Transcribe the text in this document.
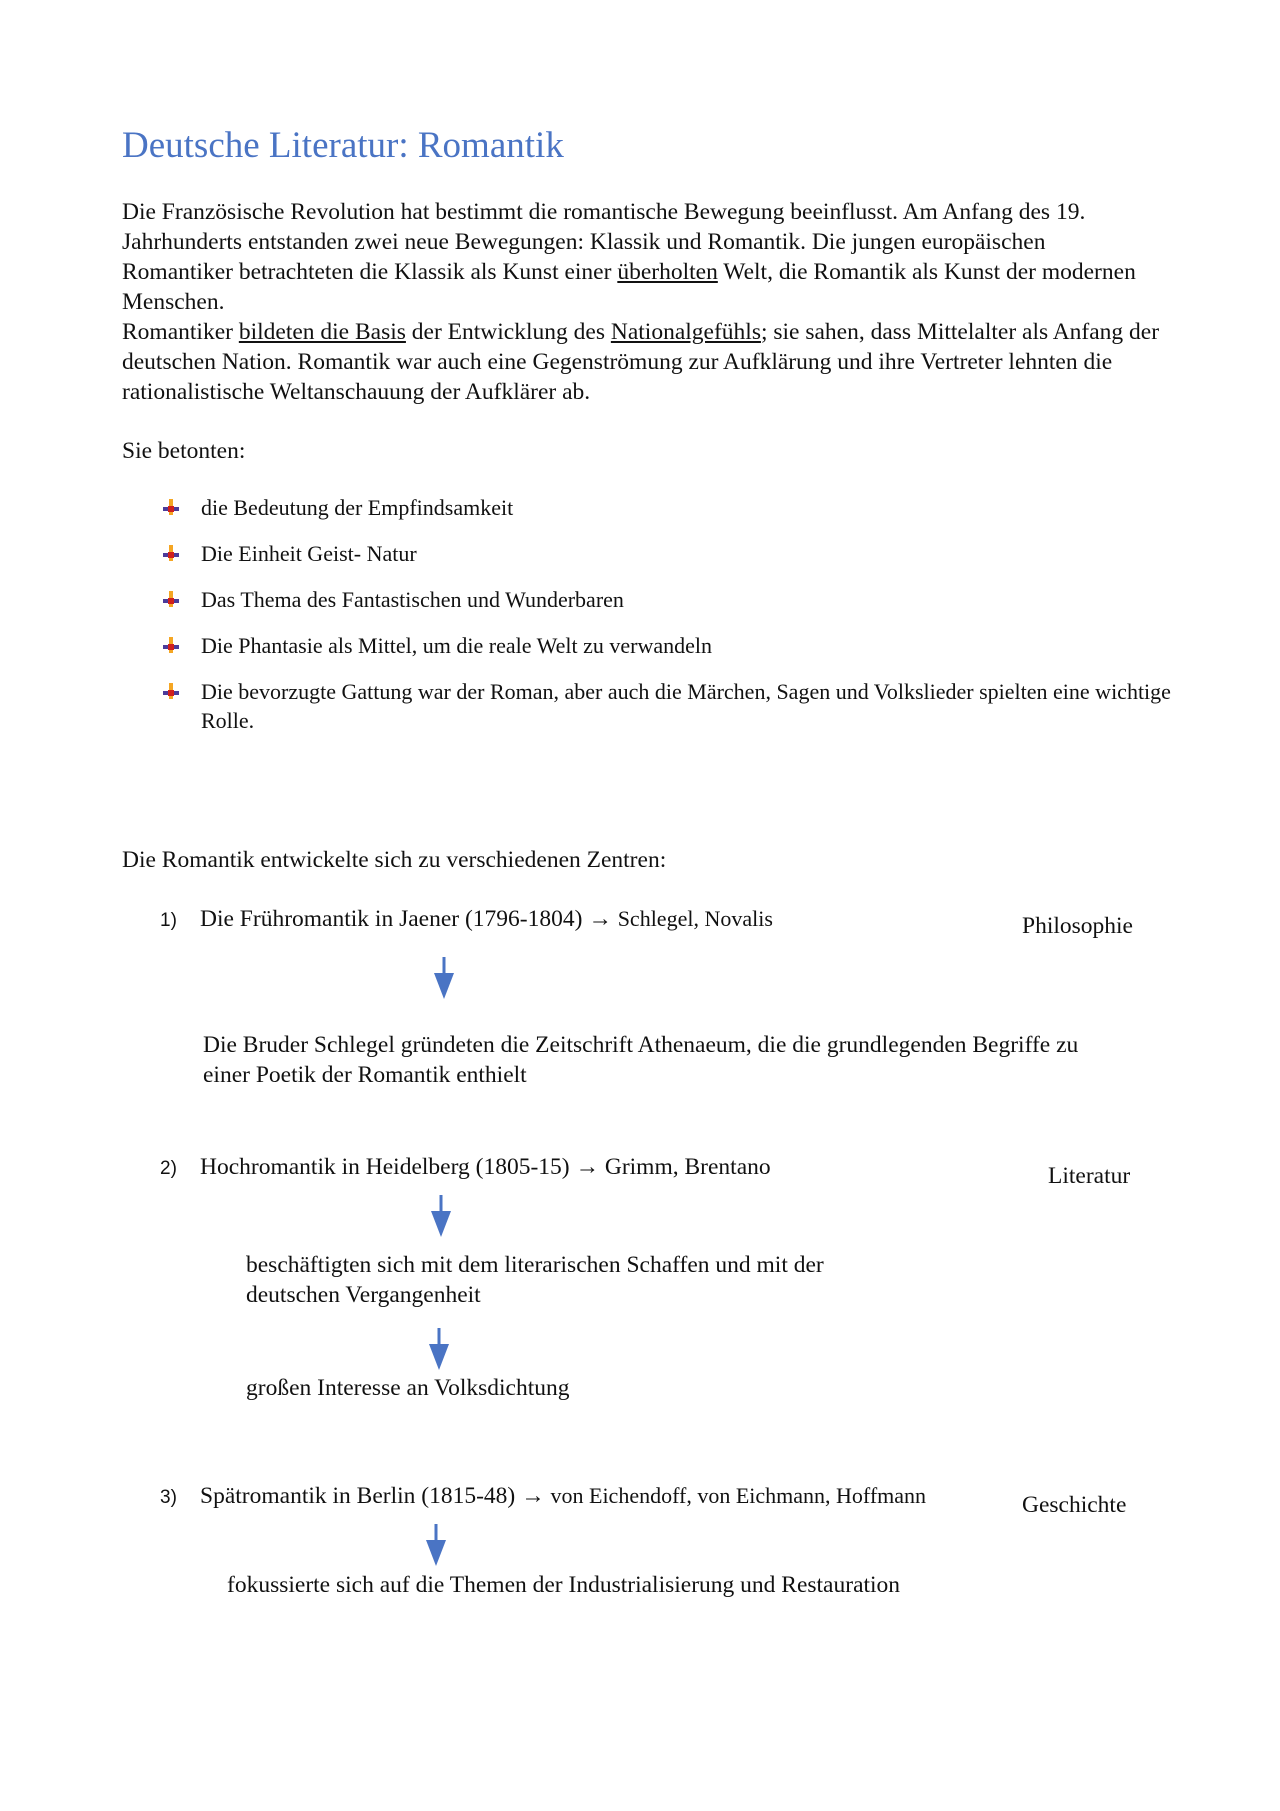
Deutsche Literatur: Romantik

Die Französische Revolution hat bestimmt die romantische Bewegung beeinflusst. Am Anfang des 19. Jahrhunderts entstanden zwei neue Bewegungen: Klassik und Romantik. Die jungen europäischen Romantiker betrachteten die Klassik als Kunst einer überholten Welt, die Romantik als Kunst der modernen Menschen.

Romantiker bildeten die Basis der Entwicklung des Nationalgefühls; sie sahen, dass Mittelalter als Anfang der deutschen Nation. Romantik war auch eine Gegenströmung zur Aufklärung und ihre Vertreter lehnten die rationalistische Weltanschauung der Aufklärer ab.

Sie betonten:
die Bedeutung der Empfindsamkeit
Die Einheit Geist- Natur
Das Thema des Fantastischen und Wunderbaren
Die Phantasie als Mittel, um die reale Welt zu verwandeln
Die bevorzugte Gattung war der Roman, aber auch die Märchen, Sagen und Volkslieder spielten eine wichtige Rolle.
Die Romantik entwickelte sich zu verschiedenen Zentren:
1) Die Frühromantik in Jaener (1796-1804) → Schlegel, Novalis	Philosophie
Die Bruder Schlegel gründeten die Zeitschrift Athenaeum, die die grundlegenden Begriffe zu einer Poetik der Romantik enthielt
2) Hochromantik in Heidelberg (1805-15) → Grimm, Brentano	Literatur
beschäftigten sich mit dem literarischen Schaffen und mit der deutschen Vergangenheit
großen Interesse an Volksdichtung
3) Spätromantik in Berlin (1815-48) → von Eichendoff, von Eichmann, Hoffmann	Geschichte
fokussierte sich auf die Themen der Industrialisierung und Restauration
